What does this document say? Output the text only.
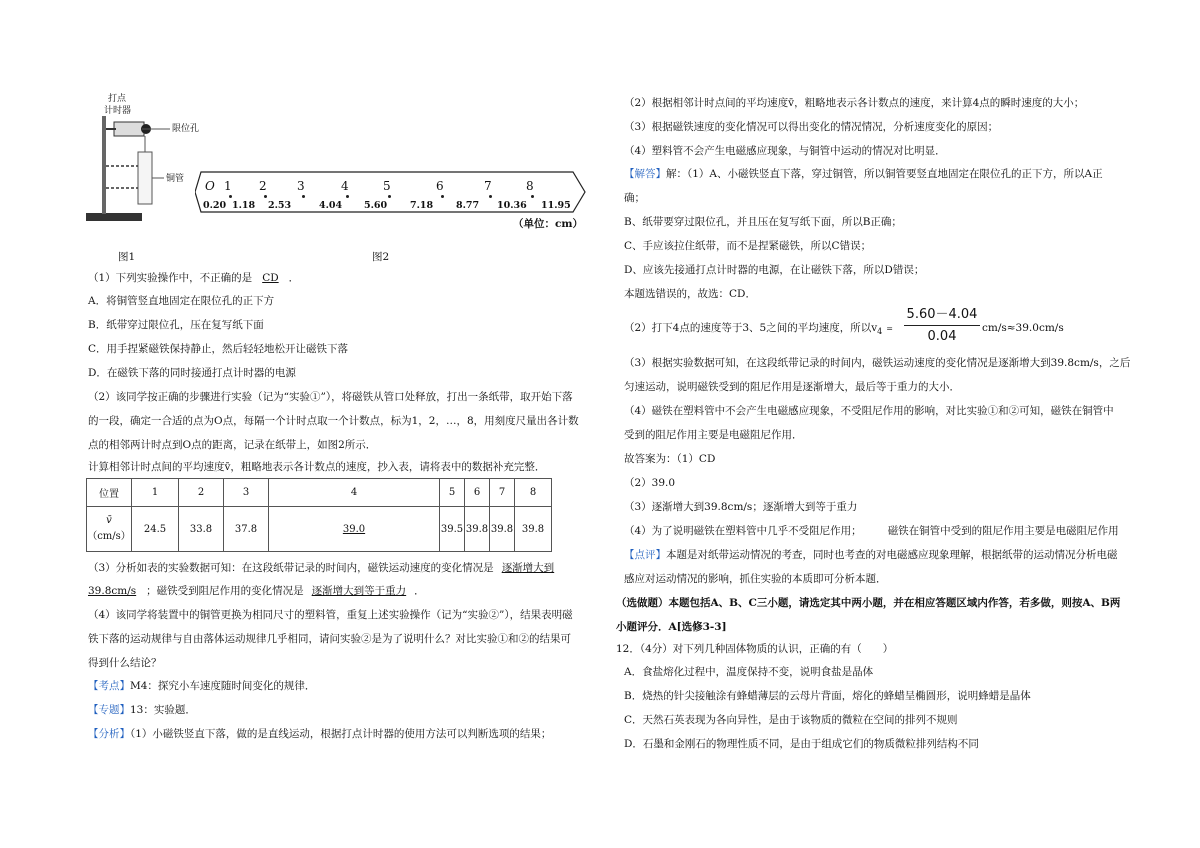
打点
计时器
限位孔
铜管
图1
O 1 2	3	4	5	6	7	8
0.20 1.18 2.53	4.04 5.60 7.18 8.77 10.36 11.95
（单位：cm）
图2
（1）下列实验操作中，不正确的是 CD ．
A．将铜管竖直地固定在限位孔的正下方
B．纸带穿过限位孔，压在复写纸下面
C．用手捏紧磁铁保持静止，然后轻轻地松开让磁铁下落
D．在磁铁下落的同时接通打点计时器的电源
（2）该同学按正确的步骤进行实验（记为“实验①”），将磁铁从管口处释放，打出一条纸带，取开始下落
的一段，确定一合适的点为O点，每隔一个计时点取一个计数点，标为1，2，…，8，用刻度尺量出各计数
点的相邻两计时点到O点的距离，记录在纸带上，如图2所示．
计算相邻计时点间的平均速度v̄，粗略地表示各计数点的速度，抄入表，请将表中的数据补充完整．
位置	1	2	3	4	5	6	7	8

v̄
（cm/s）	24.5	33.8	37.8	39.0	39.5	39.8	39.8	39.8
（3）分析如表的实验数据可知：在这段纸带记录的时间内，磁铁运动速度的变化情况是 逐渐增大到
39.8cm/s ；磁铁受到阻尼作用的变化情况是 逐渐增大到等于重力 ．
（4）该同学将装置中的铜管更换为相同尺寸的塑料管，重复上述实验操作（记为“实验②”），结果表明磁
铁下落的运动规律与自由落体运动规律几乎相同，请问实验②是为了说明什么？对比实验①和②的结果可
得到什么结论？
【考点】M4：探究小车速度随时间变化的规律．
【专题】13：实验题．
【分析】（1）小磁铁竖直下落，做的是直线运动，根据打点计时器的使用方法可以判断选项的结果；
（2）根据相邻计时点间的平均速度v̄，粗略地表示各计数点的速度，来计算4点的瞬时速度的大小；
（3）根据磁铁速度的变化情况可以得出变化的情况情况，分析速度变化的原因；
（4）塑料管不会产生电磁感应现象，与铜管中运动的情况对比明显．
【解答】解：（1）A、小磁铁竖直下落，穿过铜管，所以铜管要竖直地固定在限位孔的正下方，所以A正
确；
B、纸带要穿过限位孔，并且压在复写纸下面，所以B正确；
C、手应该拉住纸带，而不是捏紧磁铁，所以C错误；
D、应该先接通打点计时器的电源，在让磁铁下落，所以D错误；
本题选错误的，故选：CD．
（2）打下4点的速度等于3、5之间的平均速度，所以$v_4$ =
5.60－4.04
0.04
cm/s≈39.0cm/s
（3）根据实验数据可知，在这段纸带记录的时间内，磁铁运动速度的变化情况是逐渐增大到39.8cm/s，之后
匀速运动，说明磁铁受到的阻尼作用是逐渐增大，最后等于重力的大小．
（4）磁铁在塑料管中不会产生电磁感应现象，不受阻尼作用的影响，对比实验①和②可知，磁铁在铜管中
受到的阻尼作用主要是电磁阻尼作用．
故答案为：（1）CD
（2）39.0
（3）逐渐增大到39.8cm/s；逐渐增大到等于重力
（4）为了说明磁铁在塑料管中几乎不受阻尼作用； 磁铁在铜管中受到的阻尼作用主要是电磁阻尼作用
【点评】本题是对纸带运动情况的考查，同时也考查的对电磁感应现象理解，根据纸带的运动情况分析电磁
感应对运动情况的影响，抓住实验的本质即可分析本题．
（选做题）本题包括A、B、C三小题，请选定其中两小题，并在相应答题区域内作答，若多做，则按A、B两
小题评分．A[选修3-3]
12．（4分）对下列几种固体物质的认识，正确的有（　　）
A．食盐熔化过程中，温度保持不变，说明食盐是晶体
B．烧热的针尖接触涂有蜂蜡薄层的云母片背面，熔化的蜂蜡呈椭圆形，说明蜂蜡是晶体
C．天然石英表现为各向异性，是由于该物质的微粒在空间的排列不规则
D．石墨和金刚石的物理性质不同，是由于组成它们的物质微粒排列结构不同
